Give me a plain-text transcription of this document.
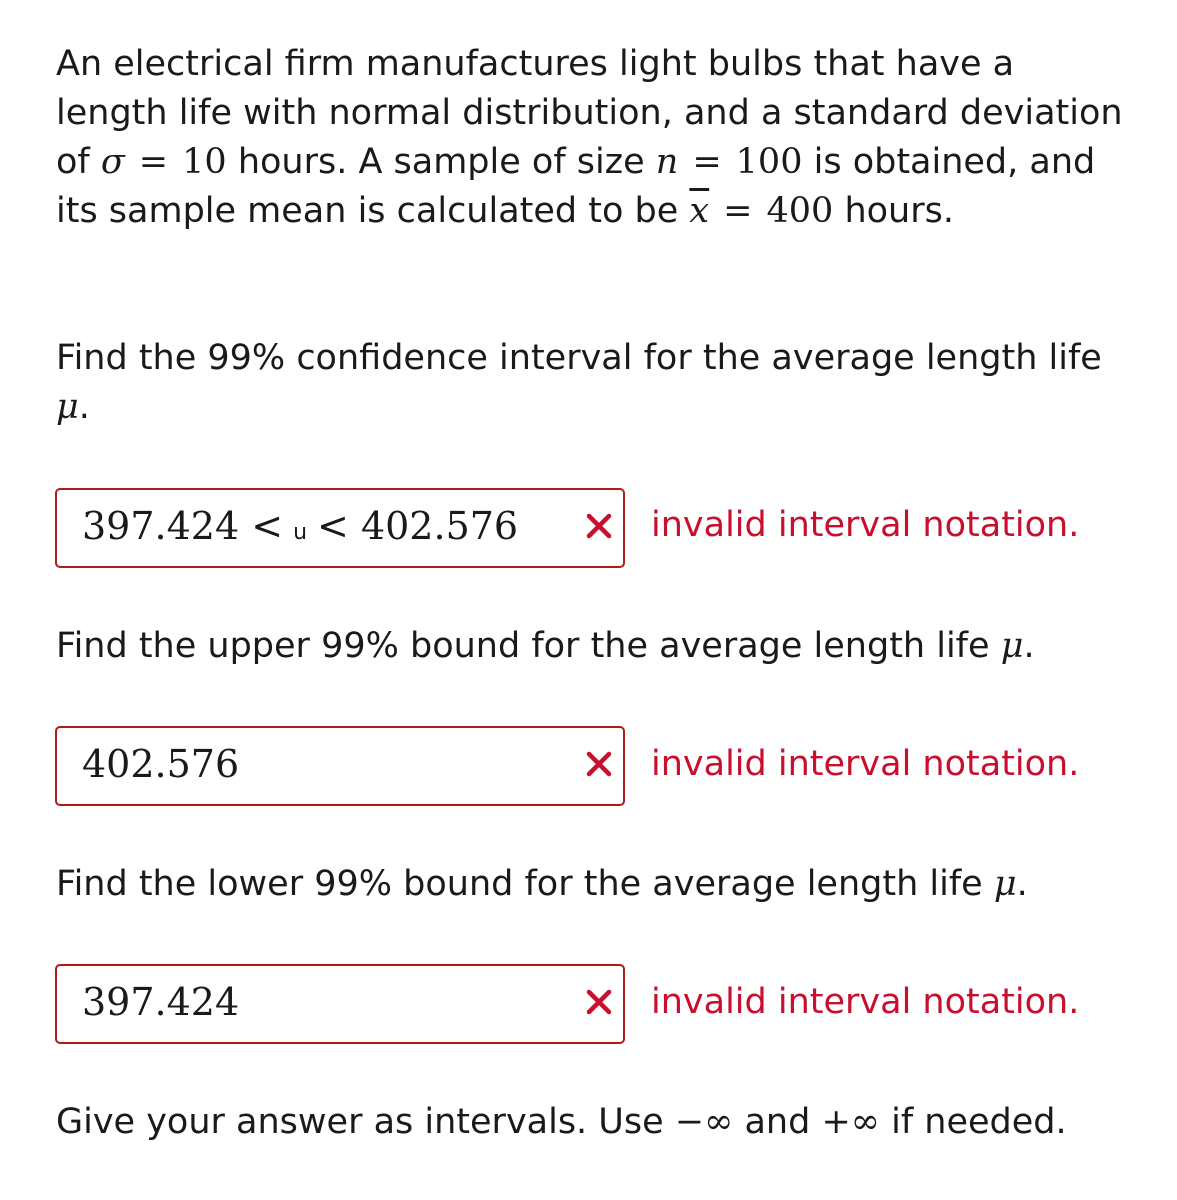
An electrical firm manufactures light bulbs that have a length life with normal distribution, and a standard deviation of σ = 10 hours. A sample of size n = 100 is obtained, and its sample mean is calculated to be $\overline{x} = 400$ hours.

Find the 99% confidence interval for the average length life
μ.

397.424 < u < 402.576	invalid interval notation.

Find the upper 99% bound for the average length life μ.

402.576	invalid interval notation.

Find the lower 99% bound for the average length life μ.

397.424	invalid interval notation.

Give your answer as intervals. Use −∞ and +∞ if needed.
